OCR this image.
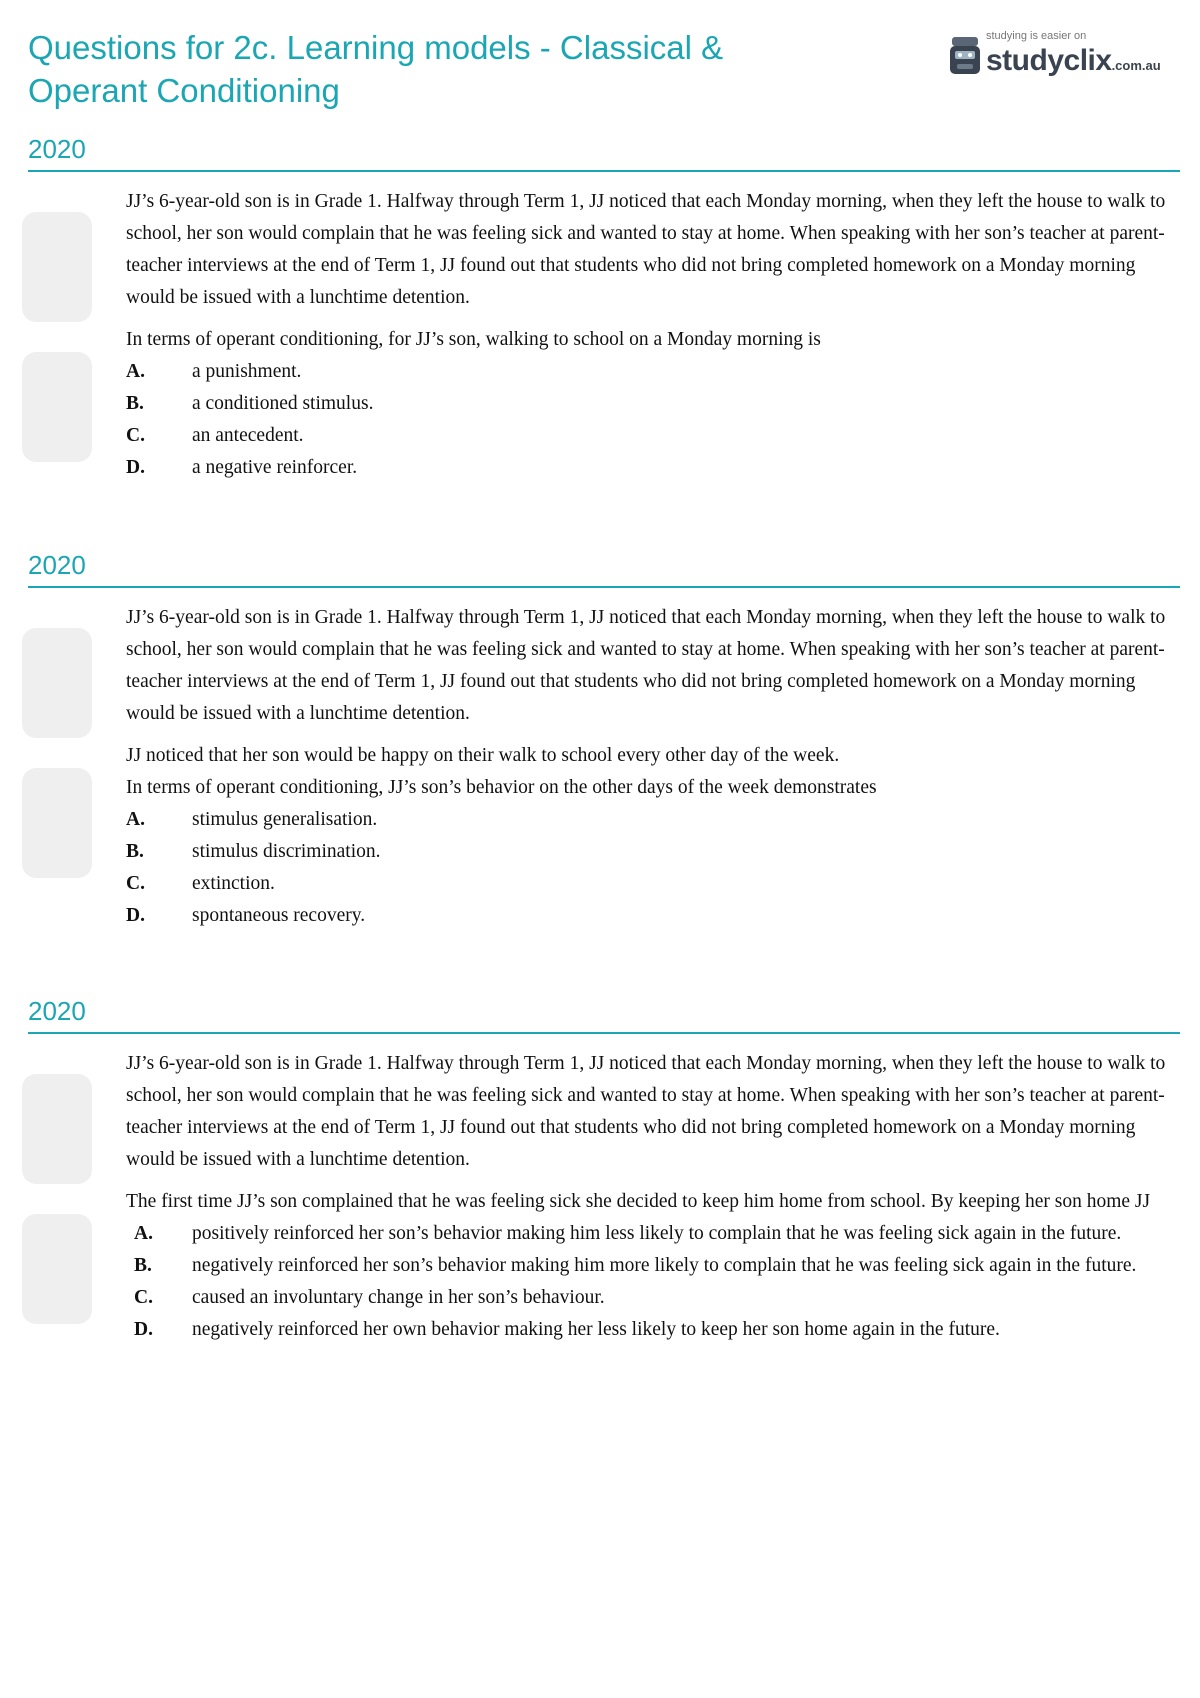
Questions for 2c. Learning models - Classical & Operant Conditioning
studying is easier on
studyclix.com.au
2020

JJ’s 6-year-old son is in Grade 1. Halfway through Term 1, JJ noticed that each Monday morning, when they left the house to walk to school, her son would complain that he was feeling sick and wanted to stay at home. When speaking with her son’s teacher at parent-teacher interviews at the end of Term 1, JJ found out that students who did not bring completed homework on a Monday morning would be issued with a lunchtime detention.

In terms of operant conditioning, for JJ’s son, walking to school on a Monday morning is

A.	a punishment.
B.	a conditioned stimulus.
C.	an antecedent.
D.	a negative reinforcer.
2020

JJ’s 6-year-old son is in Grade 1. Halfway through Term 1, JJ noticed that each Monday morning, when they left the house to walk to school, her son would complain that he was feeling sick and wanted to stay at home. When speaking with her son’s teacher at parent-teacher interviews at the end of Term 1, JJ found out that students who did not bring completed homework on a Monday morning would be issued with a lunchtime detention.

JJ noticed that her son would be happy on their walk to school every other day of the week.

In terms of operant conditioning, JJ’s son’s behavior on the other days of the week demonstrates

A.	stimulus generalisation.
B.	stimulus discrimination.
C.	extinction.
D.	spontaneous recovery.
2020

JJ’s 6-year-old son is in Grade 1. Halfway through Term 1, JJ noticed that each Monday morning, when they left the house to walk to school, her son would complain that he was feeling sick and wanted to stay at home. When speaking with her son’s teacher at parent-teacher interviews at the end of Term 1, JJ found out that students who did not bring completed homework on a Monday morning would be issued with a lunchtime detention.

The first time JJ’s son complained that he was feeling sick she decided to keep him home from school. By keeping her son home JJ

A.	positively reinforced her son’s behavior making him less likely to complain that he was feeling sick again in the future.
B.	negatively reinforced her son’s behavior making him more likely to complain that he was feeling sick again in the future.
C.	caused an involuntary change in her son’s behaviour.
D.	negatively reinforced her own behavior making her less likely to keep her son home again in the future.
